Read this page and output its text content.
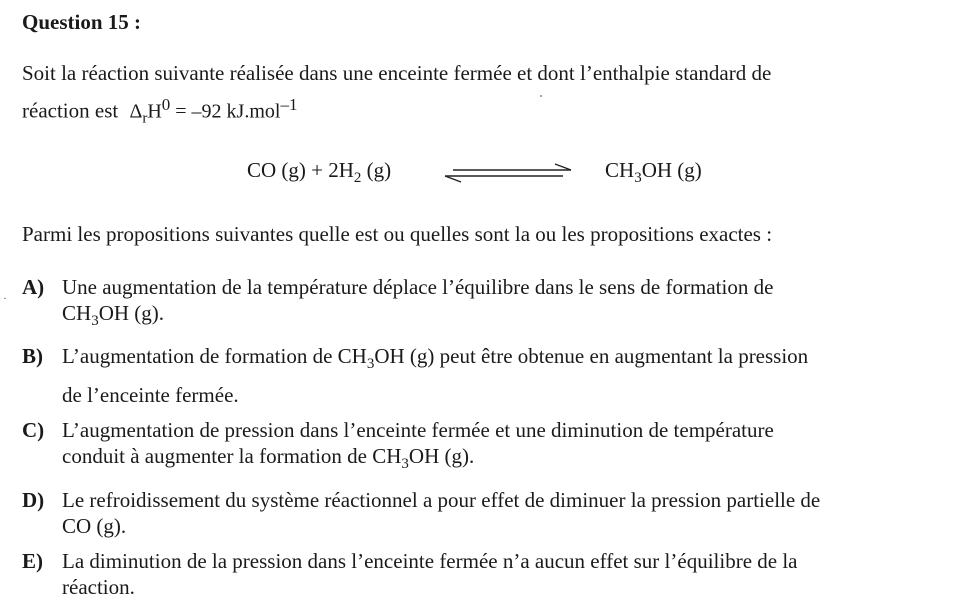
Question 15 :
Soit la réaction suivante réalisée dans une enceinte fermée et dont l’enthalpie standard de
réaction est $\Delta_rH^0 = -92$ kJ.mol$^{-1}$
CO $(g) + 2H_2$ (g)	$CH_3OH$ (g)
Parmi les propositions suivantes quelle est ou quelles sont la ou les propositions exactes :
· A) Une augmentation de la température déplace l’équilibre dans le sens de formation de
$CH_3OH$ (g).
B) L’augmentation de formation de $CH_3OH$ (g) peut être obtenue en augmentant la pression
de l’enceinte fermée.
C) L’augmentation de pression dans l’enceinte fermée et une diminution de température
conduit à augmenter la formation de $CH_3OH$ (g).
D) Le refroidissement du système réactionnel a pour effet de diminuer la pression partielle de
CO (g).
E) La diminution de la pression dans l’enceinte fermée n’a aucun effet sur l’équilibre de la
réaction.
